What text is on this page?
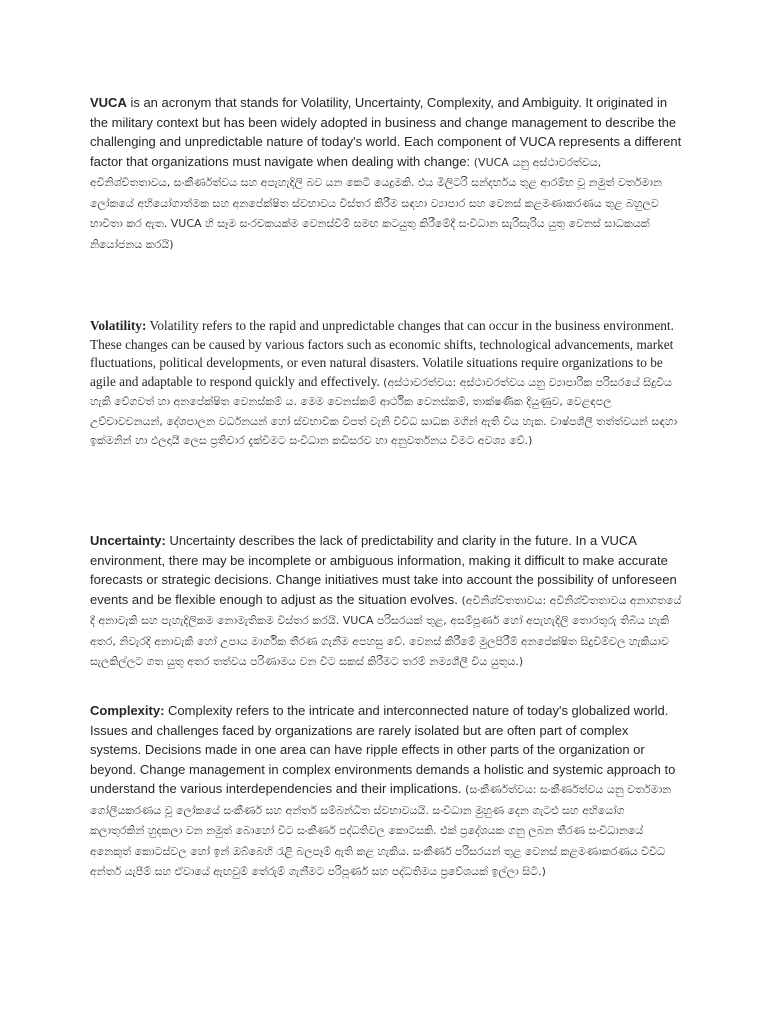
VUCA is an acronym that stands for Volatility, Uncertainty, Complexity, and Ambiguity. It originated in the military context but has been widely adopted in business and change management to describe the challenging and unpredictable nature of today's world. Each component of VUCA represents a different factor that organizations must navigate when dealing with change: (VUCA යනු අස්ථාවරත්වය, අවිනිශ්චිතතාවය, සංකීර්ණත්වය සහ අපැහැදිලි බව යන කෙටි යෙදුමකි. එය මිලිටරි සන්දර්භය තුළ ආරම්භ වූ නමුත් වර්තමාන ලෝකයේ අභියෝගාත්මක සහ අනපේක්ෂිත ස්වභාවය විස්තර කිරීම සඳහා ව්‍යාපාර සහ වෙනස් කළමණාකරණය තුළ බහුලව භාවිතා කර ඇත. VUCA හි සෑම සංරචකයක්ම වෙනස්වීම් සමඟ කටයුතු කිරීමේදී සංවිධාන සැරිසැරිය යුතු වෙනස් සාධකයක් නියෝජනය කරයි)

Volatility: Volatility refers to the rapid and unpredictable changes that can occur in the business environment. These changes can be caused by various factors such as economic shifts, technological advancements, market fluctuations, political developments, or even natural disasters. Volatile situations require organizations to be agile and adaptable to respond quickly and effectively. (අස්ථාවරත්වය: අස්ථාවරත්වය යනු ව්‍යාපාරික පරිසරයේ සිදුවිය හැකි වේගවත් හා අනපේක්ෂිත වෙනස්කම් ය. මෙම වෙනස්කම් ආර්ථික වෙනස්කම්, තාක්ෂණික දියුණුව, වෙළඳපල උච්චාවචනයන්, දේශපාලන වර්ධනයන් හෝ ස්වභාවික විපත් වැනි විවිධ සාධක මගින් ඇති විය හැක. වාෂ්පශීලී තත්ත්වයන් සඳහා ඉක්මනින් හා ඵලදායී ලෙස ප්‍රතිචාර දැක්වීමට සංවිධාන කඩිසරව හා අනුවර්තනය වීමට අවශ්‍ය වේ.)

Uncertainty: Uncertainty describes the lack of predictability and clarity in the future. In a VUCA environment, there may be incomplete or ambiguous information, making it difficult to make accurate forecasts or strategic decisions. Change initiatives must take into account the possibility of unforeseen events and be flexible enough to adjust as the situation evolves. (අවිනිශ්චිතතාවය: අවිනිශ්චිතතාවය අනාගතයේ දී අනාවැකි සහ පැහැදිලිකම නොමැතිකම විස්තර කරයි. VUCA පරිසරයක් තුළ, අසම්පූර්ණ හෝ අපැහැදිලි තොරතුරු තිබිය හැකි අතර, නිවැරදි අනාවැකි හෝ උපාය මාර්ගික තීරණ ගැනීම අපහසු වේ. වෙනස් කිරීමේ මුලපිරීම් අනපේක්ෂිත සිදුවීම්වල හැකියාව සැලකිල්ලට ගත යුතු අතර තත්වය පරිණාමය වන විට සකස් කිරීමට තරම් නම්‍යශීලී විය යුතුය.)

Complexity: Complexity refers to the intricate and interconnected nature of today's globalized world. Issues and challenges faced by organizations are rarely isolated but are often part of complex systems. Decisions made in one area can have ripple effects in other parts of the organization or beyond. Change management in complex environments demands a holistic and systemic approach to understand the various interdependencies and their implications. (සංකීර්ණත්වය: සංකීර්ණත්වය යනු වර්තමාන ගෝලීයකරණය වූ ලෝකයේ සංකීර්ණ සහ අන්තර් සම්බන්ධිත ස්වභාවයයි. සංවිධාන මුහුණ දෙන ගැටළු සහ අභියෝග කලාතුරකින් හුදකලා වන නමුත් බොහෝ විට සංකීර්ණ පද්ධතිවල කොටසකි. එක් ප්‍රදේශයක ගනු ලබන තීරණ සංවිධානයේ අනෙකුත් කොටස්වල හෝ ඉන් ඔබ්බෙහි රැළි බලපෑම් ඇති කළ හැකිය. සංකීර්ණ පරිසරයන් තුළ වෙනස් කළමණාකරණය විවිධ අන්තර් යැපීම් සහ ඒවායේ ඇඟවුම් තේරුම් ගැනීමට පරිපූර්ණ සහ පද්ධතිමය ප්‍රවේශයක් ඉල්ලා සිටී.)
